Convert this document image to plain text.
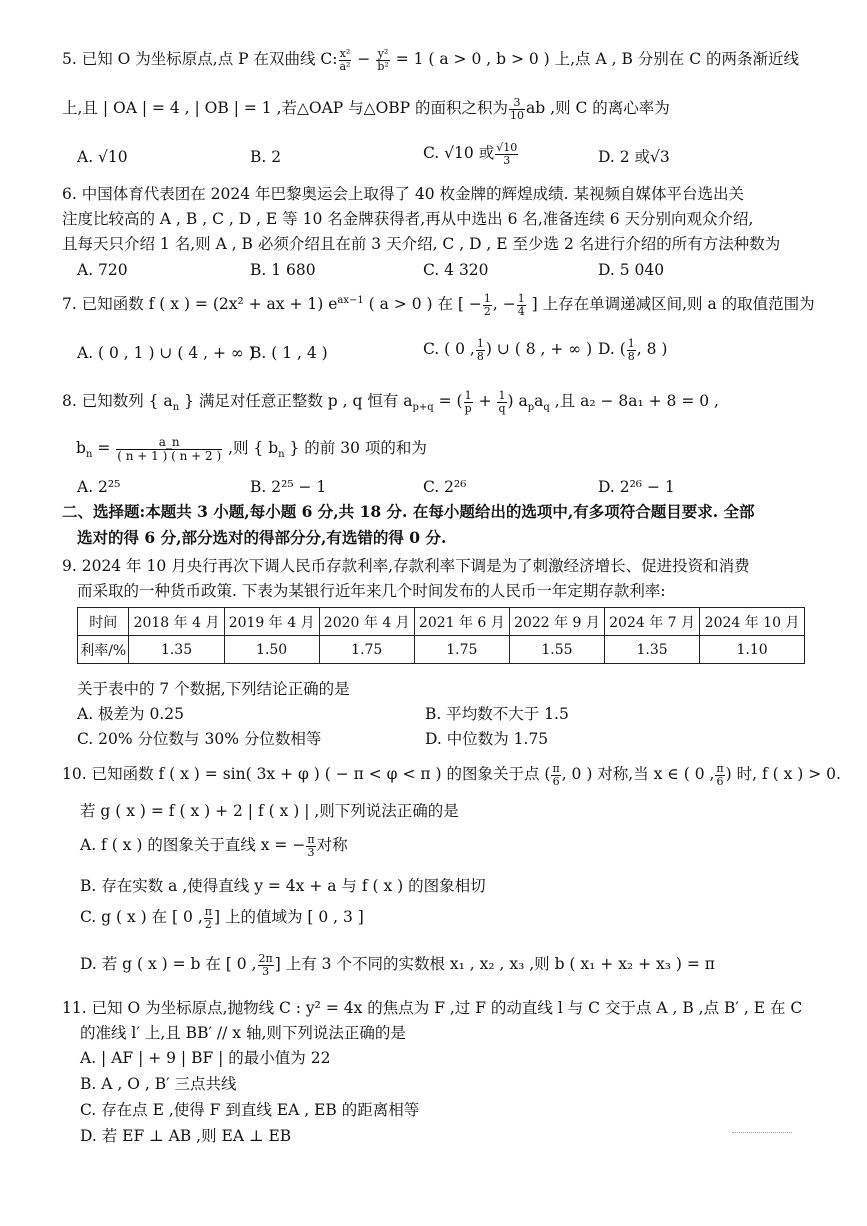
5. 已知 O 为坐标原点,点 P 在双曲线 C: $\frac{\text{x²}}{\text{a²}} - \frac{\text{y²}}{\text{b²}} = 1$ ( a > 0 , b > 0 ) 上,点 A , B 分别在 C 的两条渐近线
上,且 | OA | = 4 , | OB | = 1 ,若△OAP 与△OBP 的面积之积为 $\frac{3}{10}$ ab ,则 C 的离心率为
A. √10	B. 2	C. √10 或 $\frac{√10}{3}$	D. 2 或√3
6. 中国体育代表团在 2024 年巴黎奥运会上取得了 40 枚金牌的辉煌成绩. 某视频自媒体平台选出关
注度比较高的 A , B , C , D , E 等 10 名金牌获得者,再从中选出 6 名,准备连续 6 天分别向观众介绍,
且每天只介绍 1 名,则 A , B 必须介绍且在前 3 天介绍, C , D , E 至少选 2 名进行介绍的所有方法种数为
A. 720	B. 1 680	C. 4 320	D. 5 040
7. 已知函数 f ( x ) = (2x² + ax + 1) $e^{ax-1}$ ( a > 0 ) 在 [ − $\frac{1}{2}$ , − $\frac{1}{4}$ ] 上存在单调递减区间,则 a 的取值范围为
A. ( 0 , 1 ) ∪ ( 4 , + ∞ )
B. ( 1 , 4 )	C. ( 0 , $\frac{1}{8}$ ) ∪ ( 8 , + ∞ ) D. ( $\frac{1}{8}$ , 8 )
8. 已知数列 { $a_n$ } 满足对任意正整数 p , q 恒有 $a_{p+q}$ = ( $\frac{1}{p} + \frac{1}{q}$ ) $a_pa_q$ ,且 a₂ − 8a₁ + 8 = 0 ,
$b_n = \frac{a\_n}{( n + 1 ) ( n + 2 )}$ ,则 { $b_n$ } 的前 30 项的和为
A. 2²⁵	B. 2²⁵ − 1	C. 2²⁶	D. 2²⁶ − 1
二、选择题:本题共 3 小题,每小题 6 分,共 18 分. 在每小题给出的选项中,有多项符合题目要求. 全部
选对的得 6 分,部分选对的得部分分,有选错的得 0 分.
9. 2024 年 10 月央行再次下调人民币存款利率,存款利率下调是为了刺激经济增长、促进投资和消费
而采取的一种货币政策. 下表为某银行近年来几个时间发布的人民币一年定期存款利率:
时间	2018 年 4 月	2019 年 4 月	2020 年 4 月	2021 年 6 月	2022 年 9 月	2024 年 7 月	2024 年 10 月
利率/%	1.35	1.50	1.75	1.75	1.55	1.35	1.10
关于表中的 7 个数据,下列结论正确的是
A. 极差为 0.25	B. 平均数不大于 1.5
C. 20% 分位数与 30% 分位数相等	D. 中位数为 1.75
10. 已知函数 f ( x ) = sin( 3x + φ ) ( − π < φ < π ) 的图象关于点 ( $\frac{\pi}{6}$ , 0 ) 对称,当 x ∈ ( 0 , $\frac{\pi}{6}$ ) 时, f ( x ) > 0.
若 g ( x ) = f ( x ) + 2 | f ( x ) | ,则下列说法正确的是
A. f ( x ) 的图象关于直线 x = − $\frac{\pi}{3}$ 对称
B. 存在实数 a ,使得直线 y = 4x + a 与 f ( x ) 的图象相切
C. g ( x ) 在 [ 0 , $\frac{\pi}{2}$ ] 上的值域为 [ 0 , 3 ]
D. 若 g ( x ) = b 在 [ 0 , $\frac{2\pi}{3}$ ] 上有 3 个不同的实数根 x₁ , x₂ , x₃ ,则 b ( x₁ + x₂ + x₃ ) = π
11. 已知 O 为坐标原点,抛物线 C : y² = 4x 的焦点为 F ,过 F 的动直线 l 与 C 交于点 A , B ,点 B′ , E 在 C
的准线 l′ 上,且 BB′ // x 轴,则下列说法正确的是
A. | AF | + 9 | BF | 的最小值为 22
B. A , O , B′ 三点共线
C. 存在点 E ,使得 F 到直线 EA , EB 的距离相等
D. 若 EF ⊥ AB ,则 EA ⊥ EB
